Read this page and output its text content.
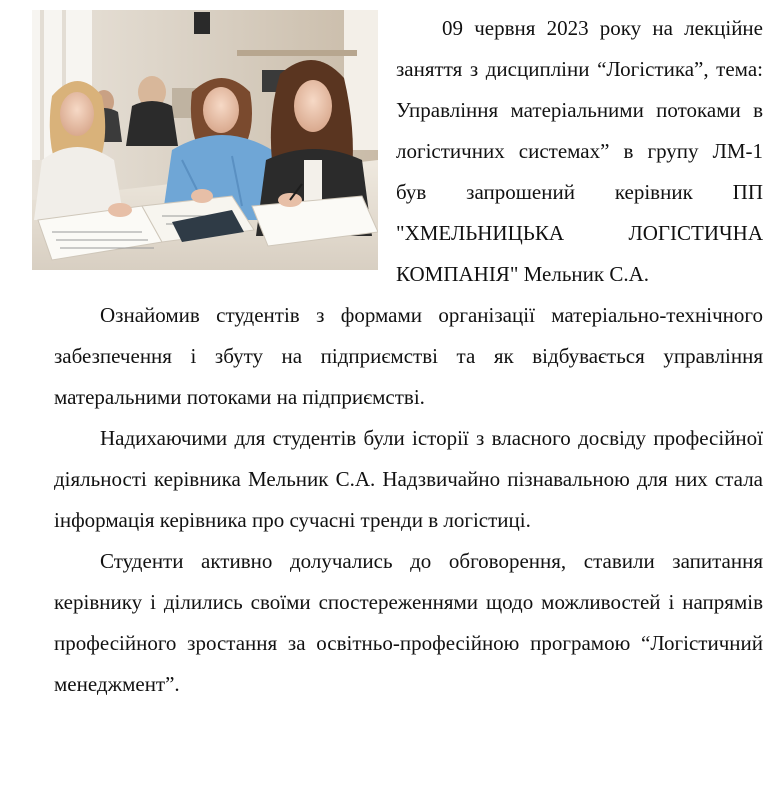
09 червня 2023 року на лекційне заняття з дисципліни “Логістика”, тема: Управління матеріальними потоками в логістичних системах” в групу ЛМ-1 був запрошений керівник ПП "ХМЕЛЬНИЦЬКА ЛОГІСТИЧНА КОМПАНІЯ" Мельник С.А.

Ознайомив студентів з формами організації матеріально-технічного забезпечення і збуту на підприємстві та як відбувається управління матеральними потоками на підприємстві.

Надихаючими для студентів були історії з власного досвіду професійної діяльності керівника Мельник С.А. Надзвичайно пізнавальною для них стала інформація керівника про сучасні тренди в логістиці.

Студенти активно долучались до обговорення, ставили запитання керівнику і ділились своїми спостереженнями щодо можливостей і напрямів професійного зростання за освітньо-професійною програмою “Логістичний менеджмент”.
